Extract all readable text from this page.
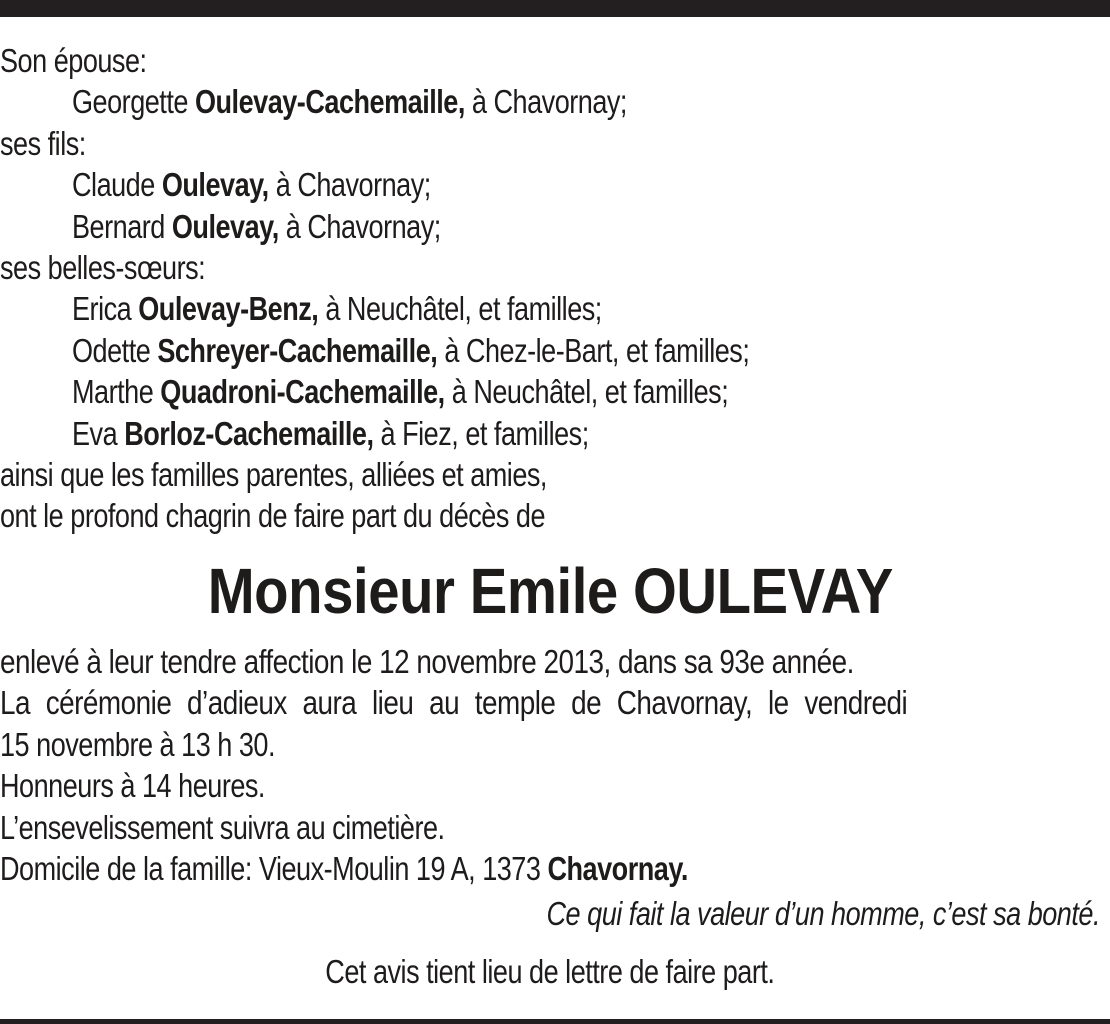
Son épouse:
Georgette Oulevay-Cachemaille, à Chavornay;
ses fils:
Claude Oulevay, à Chavornay;
Bernard Oulevay, à Chavornay;
ses belles-sœurs:
Erica Oulevay-Benz, à Neuchâtel, et familles;
Odette Schreyer-Cachemaille, à Chez-le-Bart, et familles;
Marthe Quadroni-Cachemaille, à Neuchâtel, et familles;
Eva Borloz-Cachemaille, à Fiez, et familles;
ainsi que les familles parentes, alliées et amies,
ont le profond chagrin de faire part du décès de
Monsieur Emile OULEVAY
enlevé à leur tendre affection le 12 novembre 2013, dans sa 93e année.
La cérémonie d’adieux aura lieu au temple de Chavornay, le vendredi
15 novembre à 13 h 30.
Honneurs à 14 heures.
L’ensevelissement suivra au cimetière.
Domicile de la famille: Vieux-Moulin 19 A, 1373 Chavornay.
Ce qui fait la valeur d’un homme, c’est sa bonté.
Cet avis tient lieu de lettre de faire part.
